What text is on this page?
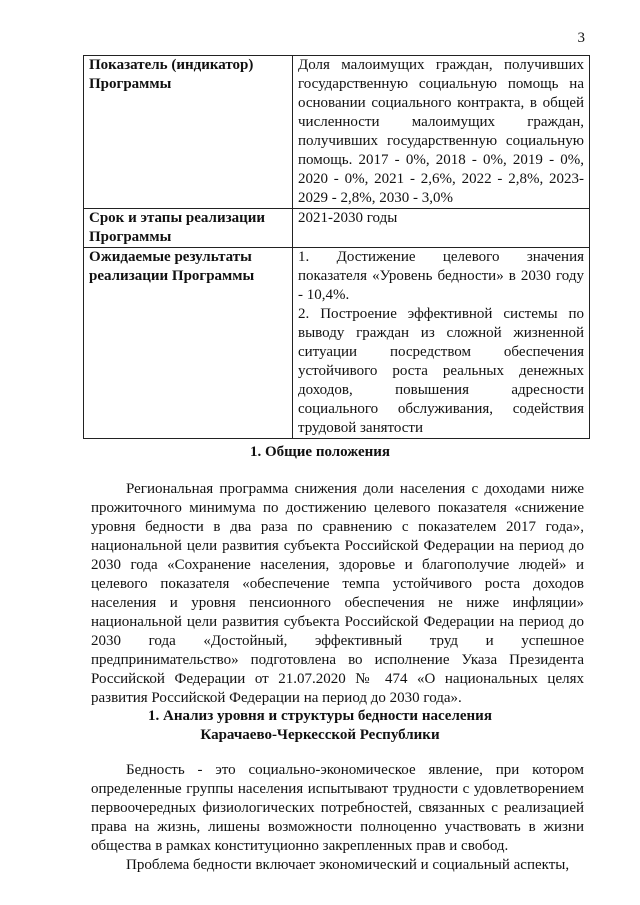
3
Показатель (индикатор) Программы	Доля малоимущих граждан, получивших государственную социальную помощь на основании социального контракта, в общей численности малоимущих граждан, получивших государственную социальную помощь. 2017 - 0%, 2018 - 0%, 2019 - 0%, 2020 - 0%, 2021 - 2,6%, 2022 - 2,8%, 2023-2029 - 2,8%, 2030 - 3,0%
Срок и этапы реализации Программы	2021-2030 годы
Ожидаемые результаты реализации Программы	1. Достижение целевого значения показателя «Уровень бедности» в 2030 году - 10,4%.

2. Построение эффективной системы по выводу граждан из сложной жизненной ситуации посредством обеспечения устойчивого роста реальных денежных доходов, повышения адресности социального обслуживания, содействия трудовой занятости

1. Общие положения

Региональная программа снижения доли населения с доходами ниже прожиточного минимума по достижению целевого показателя «снижение уровня бедности в два раза по сравнению с показателем 2017 года», национальной цели развития субъекта Российской Федерации на период до 2030 года «Сохранение населения, здоровье и благополучие людей» и целевого показателя «обеспечение темпа устойчивого роста доходов населения и уровня пенсионного обеспечения не ниже инфляции» национальной цели развития субъекта Российской Федерации на период до 2030 года «Достойный, эффективный труд и успешное предпринимательство» подготовлена во исполнение Указа Президента Российской Федерации от 21.07.2020 № 474 «О национальных целях развития Российской Федерации на период до 2030 года».

1. Анализ уровня и структуры бедности населения
Карачаево-Черкесской Республики

Бедность - это социально-экономическое явление, при котором определенные группы населения испытывают трудности с удовлетворением первоочередных физиологических потребностей, связанных с реализацией права на жизнь, лишены возможности полноценно участвовать в жизни общества в рамках конституционно закрепленных прав и свобод.

Проблема бедности включает экономический и социальный аспекты,
